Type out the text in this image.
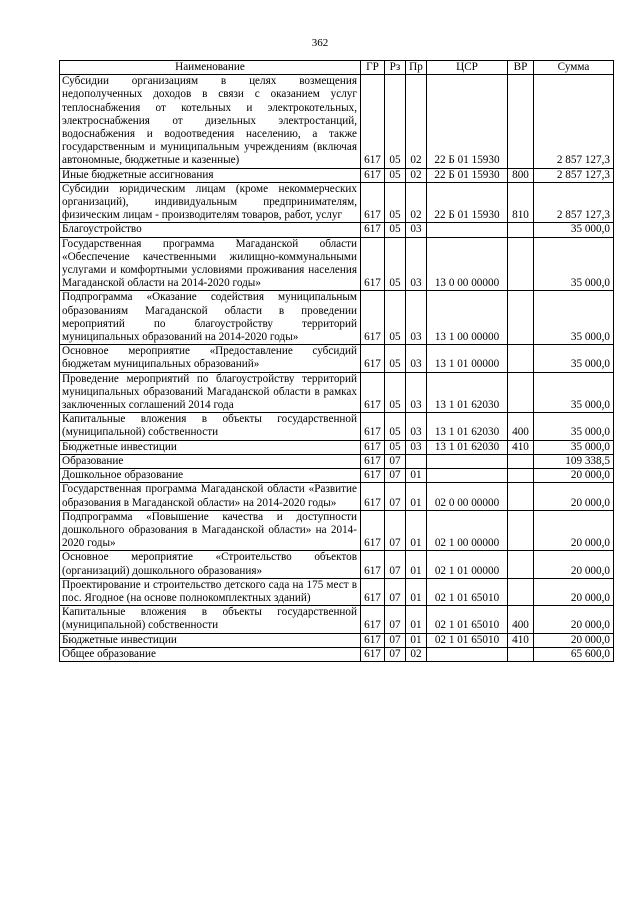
362
Наименование	ГР	Рз	Пр	ЦСР	ВР	Сумма
Субсидии организациям в целях возмещения недополученных доходов в связи с оказанием услуг теплоснабжения от котельных и электрокотельных, электроснабжения от дизельных электростанций, водоснабжения и водоотведения населению, а также государственным и муниципальным учреждениям (включая автономные, бюджетные и казенные)	617	05	02	22 Б 01 15930		2 857 127,3
Иные бюджетные ассигнования	617	05	02	22 Б 01 15930	800	2 857 127,3
Субсидии юридическим лицам (кроме некоммерческих организаций), индивидуальным предпринимателям, физическим лицам - производителям товаров, работ, услуг	617	05	02	22 Б 01 15930	810	2 857 127,3
Благоустройство	617	05	03			35 000,0
Государственная программа Магаданской области «Обеспечение качественными жилищно-коммунальными услугами и комфортными условиями проживания населения Магаданской области на 2014-2020 годы»	617	05	03	13 0 00 00000		35 000,0
Подпрограмма «Оказание содействия муниципальным образованиям Магаданской области в проведении мероприятий по благоустройству территорий муниципальных образований на 2014-2020 годы»	617	05	03	13 1 00 00000		35 000,0
Основное мероприятие «Предоставление субсидий бюджетам муниципальных образований»	617	05	03	13 1 01 00000		35 000,0
Проведение мероприятий по благоустройству территорий муниципальных образований Магаданской области в рамках заключенных соглашений 2014 года	617	05	03	13 1 01 62030		35 000,0
Капитальные вложения в объекты государственной (муниципальной) собственности	617	05	03	13 1 01 62030	400	35 000,0
Бюджетные инвестиции	617	05	03	13 1 01 62030	410	35 000,0
Образование	617	07				109 338,5
Дошкольное образование	617	07	01			20 000,0
Государственная программа Магаданской области «Развитие образования в Магаданской области» на 2014-2020 годы»	617	07	01	02 0 00 00000		20 000,0
Подпрограмма «Повышение качества и доступности дошкольного образования в Магаданской области» на 2014-2020 годы»	617	07	01	02 1 00 00000		20 000,0
Основное мероприятие «Строительство объектов (организаций) дошкольного образования»	617	07	01	02 1 01 00000		20 000,0
Проектирование и строительство детского сада на 175 мест в пос. Ягодное (на основе полнокомплектных зданий)	617	07	01	02 1 01 65010		20 000,0
Капитальные вложения в объекты государственной (муниципальной) собственности	617	07	01	02 1 01 65010	400	20 000,0
Бюджетные инвестиции	617	07	01	02 1 01 65010	410	20 000,0
Общее образование	617	07	02			65 600,0
